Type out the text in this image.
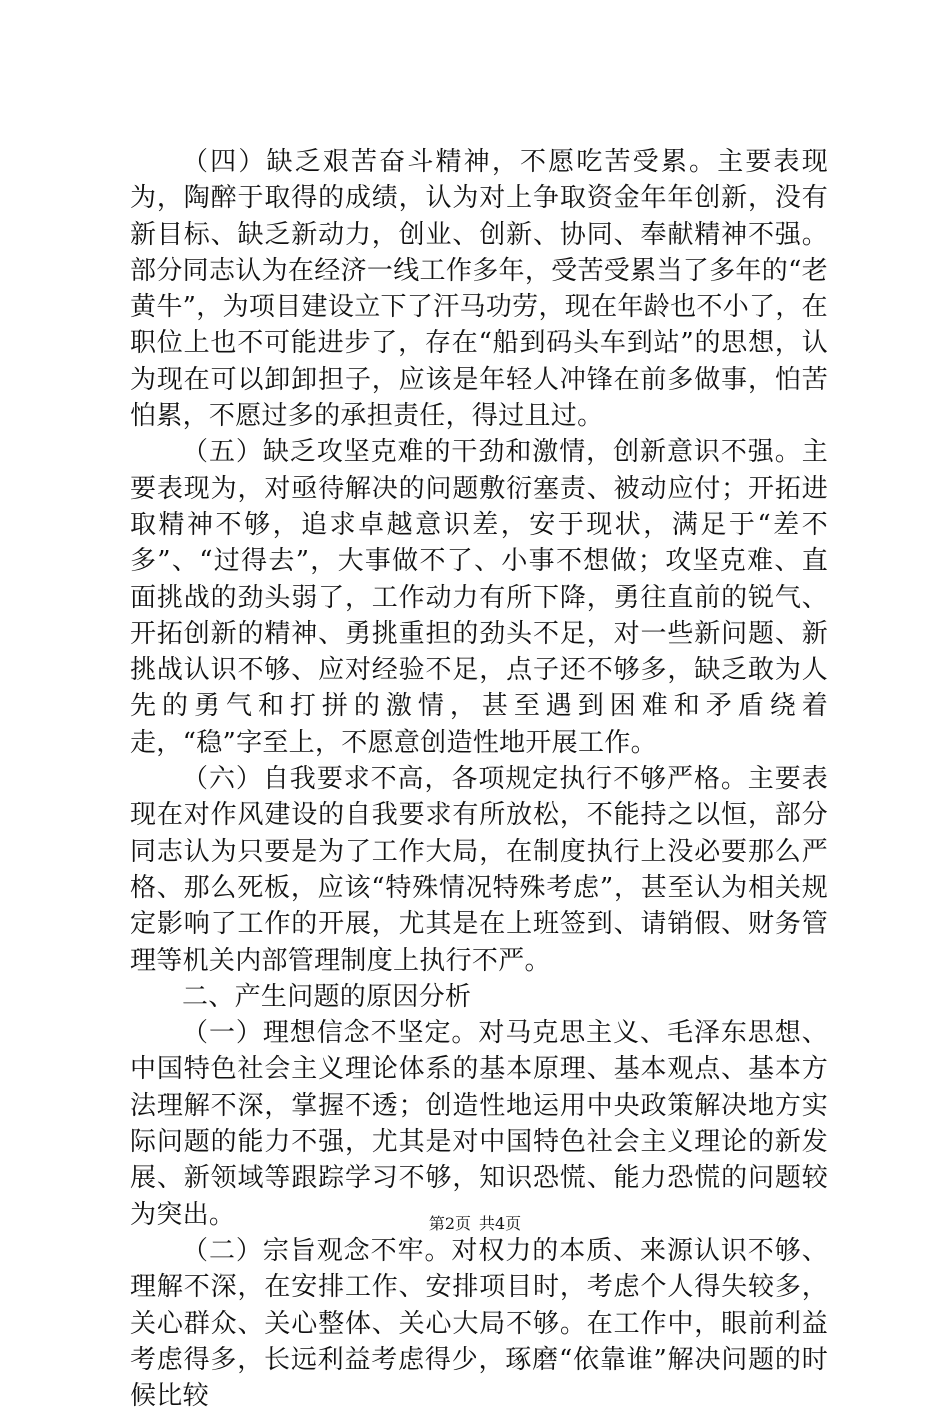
（四）缺乏艰苦奋斗精神，不愿吃苦受累。主要表现为，陶醉于取得的成绩，认为对上争取资金年年创新，没有新目标、缺乏新动力，创业、创新、协同、奉献精神不强。部分同志认为在经济一线工作多年，受苦受累当了多年的“老黄牛”，为项目建设立下了汗马功劳，现在年龄也不小了，在职位上也不可能进步了，存在“船到码头车到站”的思想，认为现在可以卸卸担子，应该是年轻人冲锋在前多做事，怕苦怕累，不愿过多的承担责任，得过且过。

（五）缺乏攻坚克难的干劲和激情，创新意识不强。主要表现为，对亟待解决的问题敷衍塞责、被动应付；开拓进取精神不够，追求卓越意识差，安于现状，满足于“差不多”、“过得去”，大事做不了、小事不想做；攻坚克难、直面挑战的劲头弱了，工作动力有所下降，勇往直前的锐气、开拓创新的精神、勇挑重担的劲头不足，对一些新问题、新挑战认识不够、应对经验不足，点子还不够多，缺乏敢为人先的勇气和打拼的激情，甚至遇到困难和矛盾绕着走，“稳”字至上，不愿意创造性地开展工作。

（六）自我要求不高，各项规定执行不够严格。主要表现在对作风建设的自我要求有所放松，不能持之以恒，部分同志认为只要是为了工作大局，在制度执行上没必要那么严格、那么死板，应该“特殊情况特殊考虑”，甚至认为相关规定影响了工作的开展，尤其是在上班签到、请销假、财务管理等机关内部管理制度上执行不严。

二、产生问题的原因分析

（一）理想信念不坚定。对马克思主义、毛泽东思想、中国特色社会主义理论体系的基本原理、基本观点、基本方法理解不深，掌握不透；创造性地运用中央政策解决地方实际问题的能力不强，尤其是对中国特色社会主义理论的新发展、新领域等跟踪学习不够，知识恐慌、能力恐慌的问题较为突出。

（二）宗旨观念不牢。对权力的本质、来源认识不够、理解不深，在安排工作、安排项目时，考虑个人得失较多，关心群众、关心整体、关心大局不够。在工作中，眼前利益考虑得多，长远利益考虑得少，琢磨“依靠谁”解决问题的时候比较

第2页 共4页
